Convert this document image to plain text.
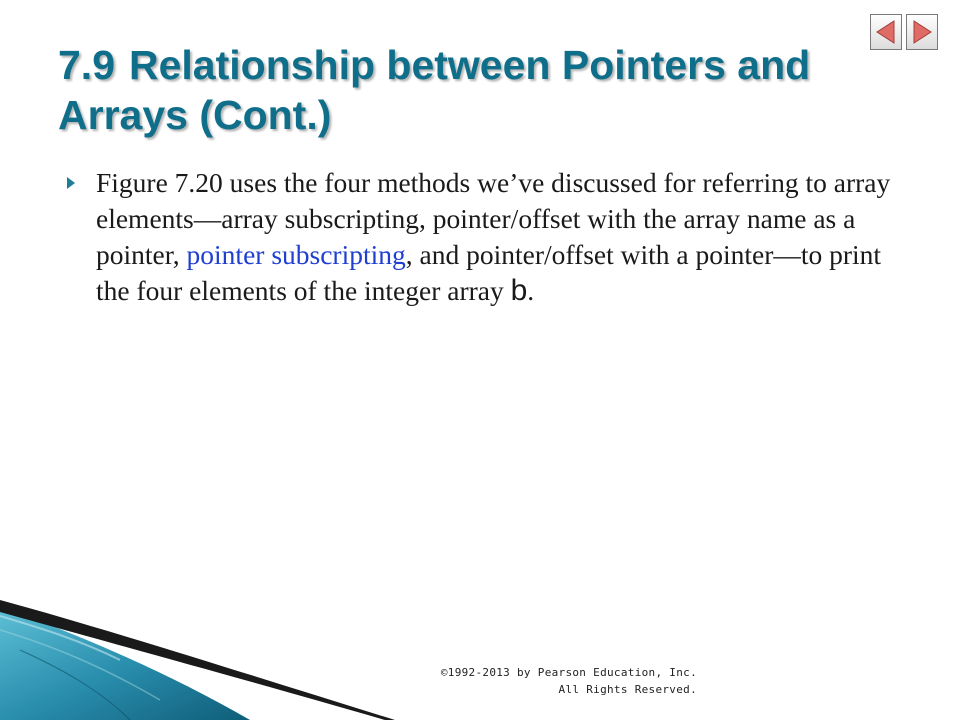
7.9 Relationship between Pointers and
Arrays (Cont.)

Figure 7.20 uses the four methods we’ve discussed for referring to array elements—array subscripting, pointer/offset with the array name as a pointer, pointer subscripting, and pointer/offset with a pointer—to print the four elements of the integer array b.

©1992-2013 by Pearson Education, Inc.
All Rights Reserved.
